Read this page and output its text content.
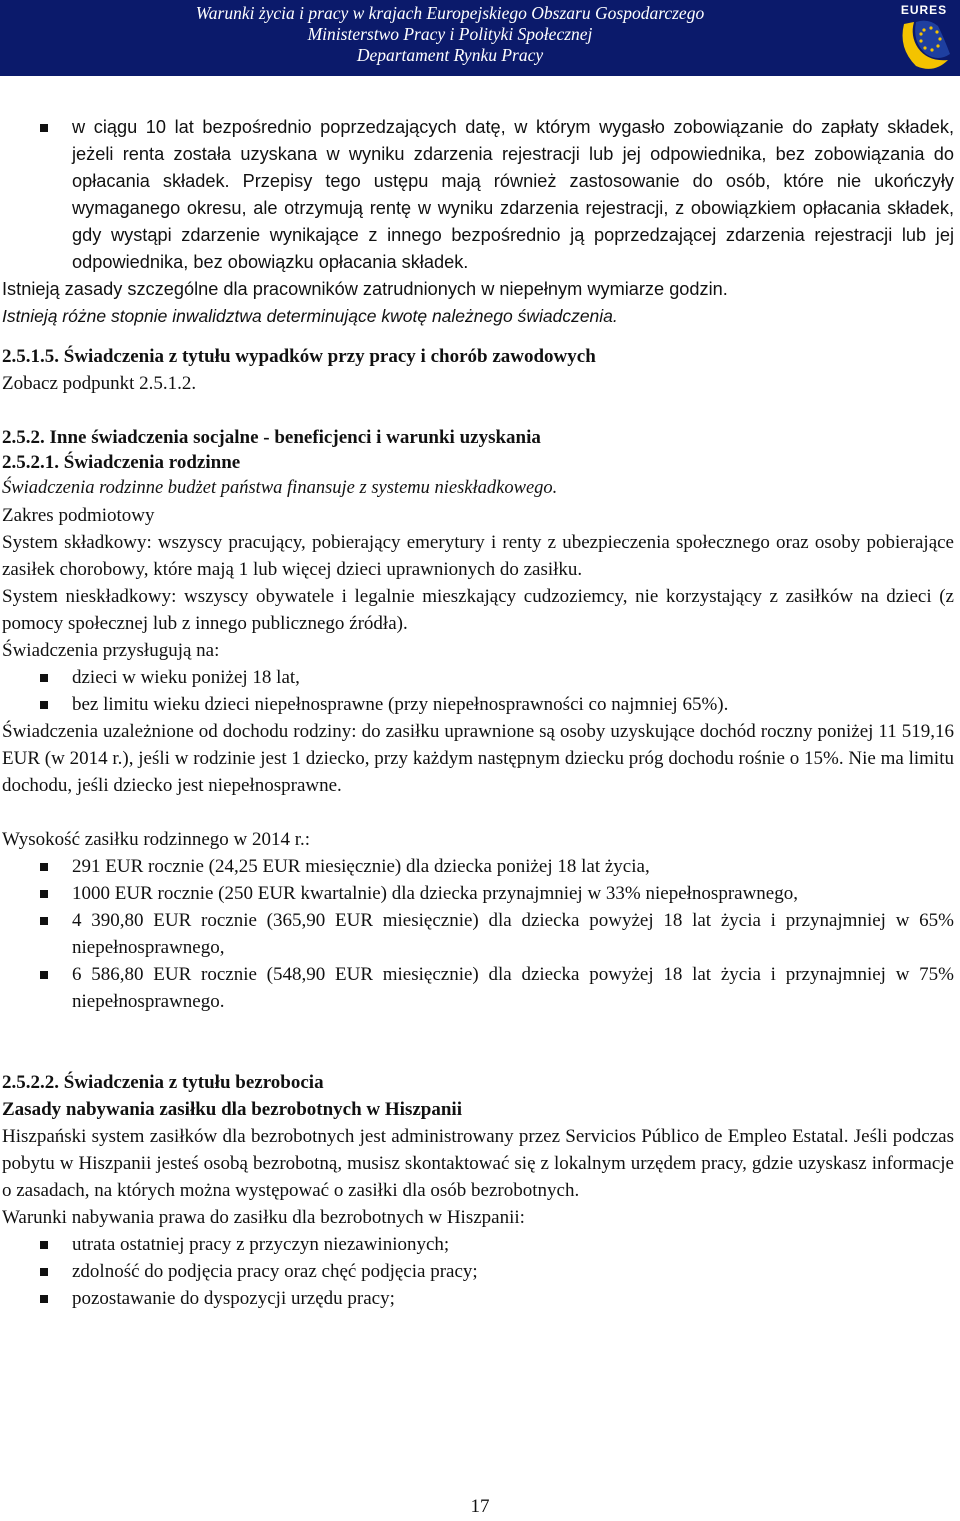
Warunki życia i pracy w krajach Europejskiego Obszaru Gospodarczego
Ministerstwo Pracy i Polityki Społecznej
Departament Rynku Pracy
EURES
w ciągu 10 lat bezpośrednio poprzedzających datę, w którym wygasło zobowiązanie do zapłaty składek, jeżeli renta została uzyskana w wyniku zdarzenia rejestracji lub jej odpowiednika, bez zobowiązania do opłacania składek. Przepisy tego ustępu mają również zastosowanie do osób, które nie ukończyły wymaganego okresu, ale otrzymują rentę w wyniku zdarzenia rejestracji, z obowiązkiem opłacania składek, gdy wystąpi zdarzenie wynikające z innego bezpośrednio ją poprzedzającej zdarzenia rejestracji lub jej odpowiednika, bez obowiązku opłacania składek.

Istnieją zasady szczególne dla pracowników zatrudnionych w niepełnym wymiarze godzin.

Istnieją różne stopnie inwalidztwa determinujące kwotę należnego świadczenia.

2.5.1.5. Świadczenia z tytułu wypadków przy pracy i chorób zawodowych

Zobacz podpunkt 2.5.1.2.

2.5.2. Inne świadczenia socjalne - beneficjenci i warunki uzyskania

2.5.2.1. Świadczenia rodzinne

Świadczenia rodzinne budżet państwa finansuje z systemu nieskładkowego.

Zakres podmiotowy

System składkowy: wszyscy pracujący, pobierający emerytury i renty z ubezpieczenia społecznego oraz osoby pobierające zasiłek chorobowy, które mają 1 lub więcej dzieci uprawnionych do zasiłku.

System nieskładkowy: wszyscy obywatele i legalnie mieszkający cudzoziemcy, nie korzystający z zasiłków na dzieci (z pomocy społecznej lub z innego publicznego źródła).

Świadczenia przysługują na:

dzieci w wieku poniżej 18 lat,
bez limitu wieku dzieci niepełnosprawne (przy niepełnosprawności co najmniej 65%).

Świadczenia uzależnione od dochodu rodziny: do zasiłku uprawnione są osoby uzyskujące dochód roczny poniżej 11 519,16 EUR (w 2014 r.), jeśli w rodzinie jest 1 dziecko, przy każdym następnym dziecku próg dochodu rośnie o 15%. Nie ma limitu dochodu, jeśli dziecko jest niepełnosprawne.

Wysokość zasiłku rodzinnego w 2014 r.:

291 EUR rocznie (24,25 EUR miesięcznie) dla dziecka poniżej 18 lat życia,
1000 EUR rocznie (250 EUR kwartalnie) dla dziecka przynajmniej w 33% niepełnosprawnego,
4 390,80 EUR rocznie (365,90 EUR miesięcznie) dla dziecka powyżej 18 lat życia i przynajmniej w 65% niepełnosprawnego,
6 586,80 EUR rocznie (548,90 EUR miesięcznie) dla dziecka powyżej 18 lat życia i przynajmniej w 75% niepełnosprawnego.

2.5.2.2. Świadczenia z tytułu bezrobocia

Zasady nabywania zasiłku dla bezrobotnych w Hiszpanii

Hiszpański system zasiłków dla bezrobotnych jest administrowany przez Servicios Público de Empleo Estatal. Jeśli podczas pobytu w Hiszpanii jesteś osobą bezrobotną, musisz skontaktować się z lokalnym urzędem pracy, gdzie uzyskasz informacje o zasadach, na których można występować o zasiłki dla osób bezrobotnych.

Warunki nabywania prawa do zasiłku dla bezrobotnych w Hiszpanii:

utrata ostatniej pracy z przyczyn niezawinionych;
zdolność do podjęcia pracy oraz chęć podjęcia pracy;
pozostawanie do dyspozycji urzędu pracy;
17
